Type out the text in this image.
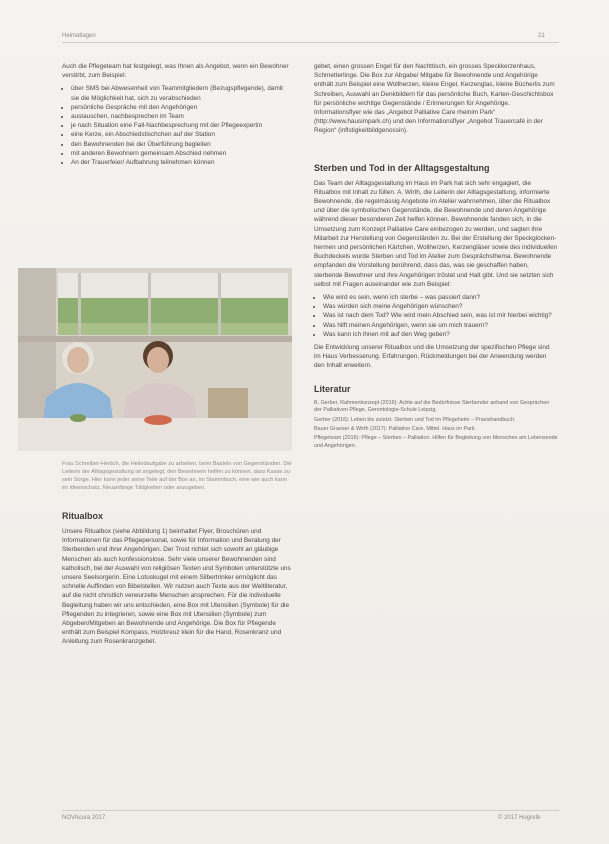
Heimatlagen	21

Auch die Pflegeteam hat festgelegt, was Ihnen als Angebot, wenn ein Bewohner verstirbt, zum Beispiel:

• über SMS bei Abwesenheit von Teammitgliedern (Bezugspflegende), damit sie die Möglichkeit hat, sich zu verabschieden
• persönliche Gespräche mit den Angehörigen
• austauschen, nachbesprechen im Team
• je nach Situation eine Fall-Nachbesprechung mit der Pflegeexpertin
• eine Kerze, ein Abschiedstischchen auf der Station
• den Bewohnenden bei der Überführung begleiten
• mit anderen Bewohnern gemeinsam Abschied nehmen
• An der Trauerfeier/ Aufbahrung teilnehmen können
Frau Schreiber-Hertich, die Heiledaufgabe zu arbeiten, beim Basteln von Gegenständen. Die Leiterin der Alltagsgestaltung ist angelegt, den Bewohnern helfen zu können, dass Kasse zu sein Sorge. Hier kann jeder seine Teile auf der Box an, im Stammbuch, eine wie auch kann im Ideenschatz, Neuanfänge Tätigkeiten oder anzugeben.
Ritualbox

Unsere Ritualbox (siehe Abbildung 1) beinhaltet Flyer, Broschüren und Informationen für das Pflegepersonal, sowie für Information und Beratung der Sterbenden und ihrer Angehörigen. Der Trost richtet sich sowohl an gläubige Menschen als auch konfessionslose. Sehr viele unserer Bewohnenden sind katholisch, bei der Auswahl von religiösen Texten und Symbolen unterstützte uns unsere Seelsorgerin. Eine Lotuskugel mit einem Silbertrinker ermöglicht das schnelle Auffinden von Bibelstellen. Wir nutzen auch Texte aus der Weltliteratur, auf die nicht christlich verwurzelte Menschen ansprechen. Für die individuelle Begleitung haben wir uns entschieden, eine Box mit Utensilien (Symbole) für die Pflegenden zu integrieren, sowie eine Box mit Utensilien (Symbole) zum Abgeben/Mitgeben an Bewohnende und Angehörige. Die Box für Pflegende enthält zum Beispiel Kompass, Holzkreuz klein für die Hand, Rosenkranz und Anleitung zum Rosenkranzgebet.

gebet, einen grossen Engel für den Nachttisch, ein grosses Speckkerzenhaus, Schmetterlinge. Die Box zur Abgabe/ Mitgabe für Bewohnende und Angehörige enthält zum Beispiel eine Wollherzen, kleine Engel, Kerzenglas, kleine Bücherlis zum Schreiben, Auswahl an Denkbildern für das persönliche Buch, Karten-Geschichtsbox für persönliche wichtige Gegenstände / Erinnerungen für Angehörige. Informationsflyer wie das „Angebot Palliative Care rheinim Park“ (http://www.hausimpark.ch) und den Informationsflyer „Angebot Trauercafé in der Region“ (inflstigkeitbildgenossin).

Sterben und Tod in der Alltagsgestaltung

Das Team der Alltagsgestaltung im Haus im Park hat sich sehr engagiert, die Ritualbox mit Inhalt zu füllen. A. Wirth, die Leiterin der Alltagsgestaltung, informierte Bewohnende, die regelmässig Angebote im Atelier wahrnehmen, über die Ritualbox und über die symbolischen Gegenstände, die Bewohnende und deren Angehörige während dieser besonderen Zeit helfen können. Bewohnende fanden sich, in die Umsetzung zum Konzept Palliative Care einbezogen zu werden, und sagten ihre Mitarbeit zur Herstellung von Gegenständen zu. Bei der Erstellung der Speckglocken-hermen und persönlichen Kärtchen, Wollherzen, Kerzengläser sowie des individuellen Buchdeckels wurde Sterben und Tod im Atelier zum Gesprächsthema. Bewohnende empfanden die Vorstellung berührend, dass das, was sie geschaffen haben, sterbende Bewohner und ihre Angehörigen tröstet und Halt gibt. Und sie setzten sich selbst mit Fragen auseinander wie zum Beispiel:

• Wie wird es sein, wenn ich sterbe – was passiert dann?
• Was würden sich meine Angehörigen wünschen?
• Was ist nach dem Tod? Wie wird mein Abschied sein, was ist mir hierbei wichtig?
• Was hilft meinen Angehörigen, wenn sie um mich trauern?
• Was kann ich ihnen mit auf den Weg geben?

Die Entwicklung unserer Ritualbox und die Umsetzung der spezifischen Pflege sind im Haus Verbesserung. Erfahrungen, Rückmeldungen bei der Anwendung werden den Inhalt erweitern.

Literatur

B. Gerber, Rahmenkonzept (2016): Achte auf die Bedürfnisse Sterbender anhand von Gesprächen der Palliativen Pflege, Gerontologie-Schule Leipzig.

Gerber (2016): Leben bis zuletzt. Sterben und Tod im Pflegeheim – Praxishandbuch.

Bauer Graeser & Wirth (2017): Palliative Care, Mittel. Haus im Park.

Pflegeteam (2016): Pflege – Sterben – Palliation. Hilfen für Begleitung von Menschen am Lebensende und Angehörigen.

NOVAcura 2017	© 2017 Hogrefe
